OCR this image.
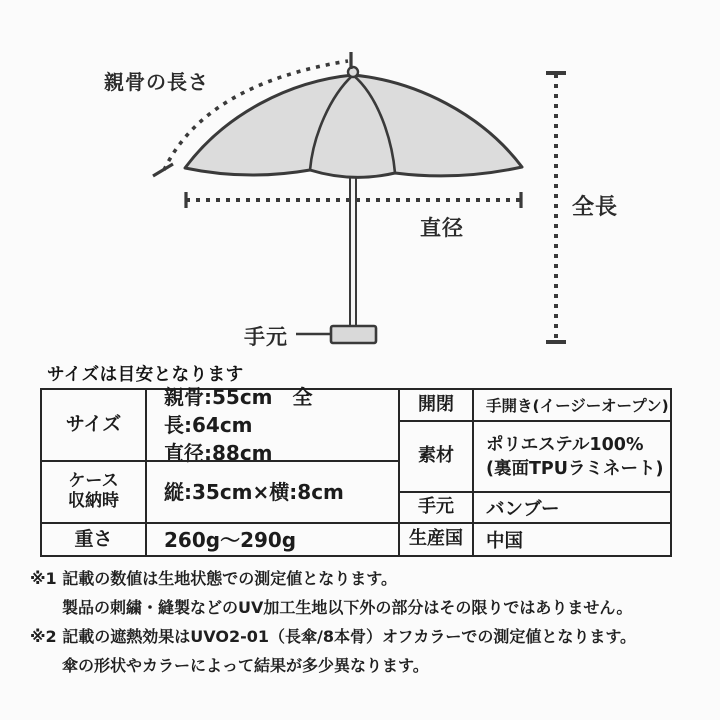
親骨の長さ
直径
全長
手元
サイズは目安となります
サイズ
親骨:55cm　全長:64cm
直径:88cm
ケース
収納時 縦:35cm×横:8cm
重さ	260g～290g
開閉 手開き(イージーオープン)
素材
ポリエステル100%
(裏面TPUラミネート)
手元 バンブー
生産国 中国
※1 記載の数値は生地状態での測定値となります。
製品の刺繍・縫製などのUV加工生地以下外の部分はその限りではありません。
※2 記載の遮熱効果はUVO2-01（長傘/8本骨）オフカラーでの測定値となります。
傘の形状やカラーによって結果が多少異なります。
